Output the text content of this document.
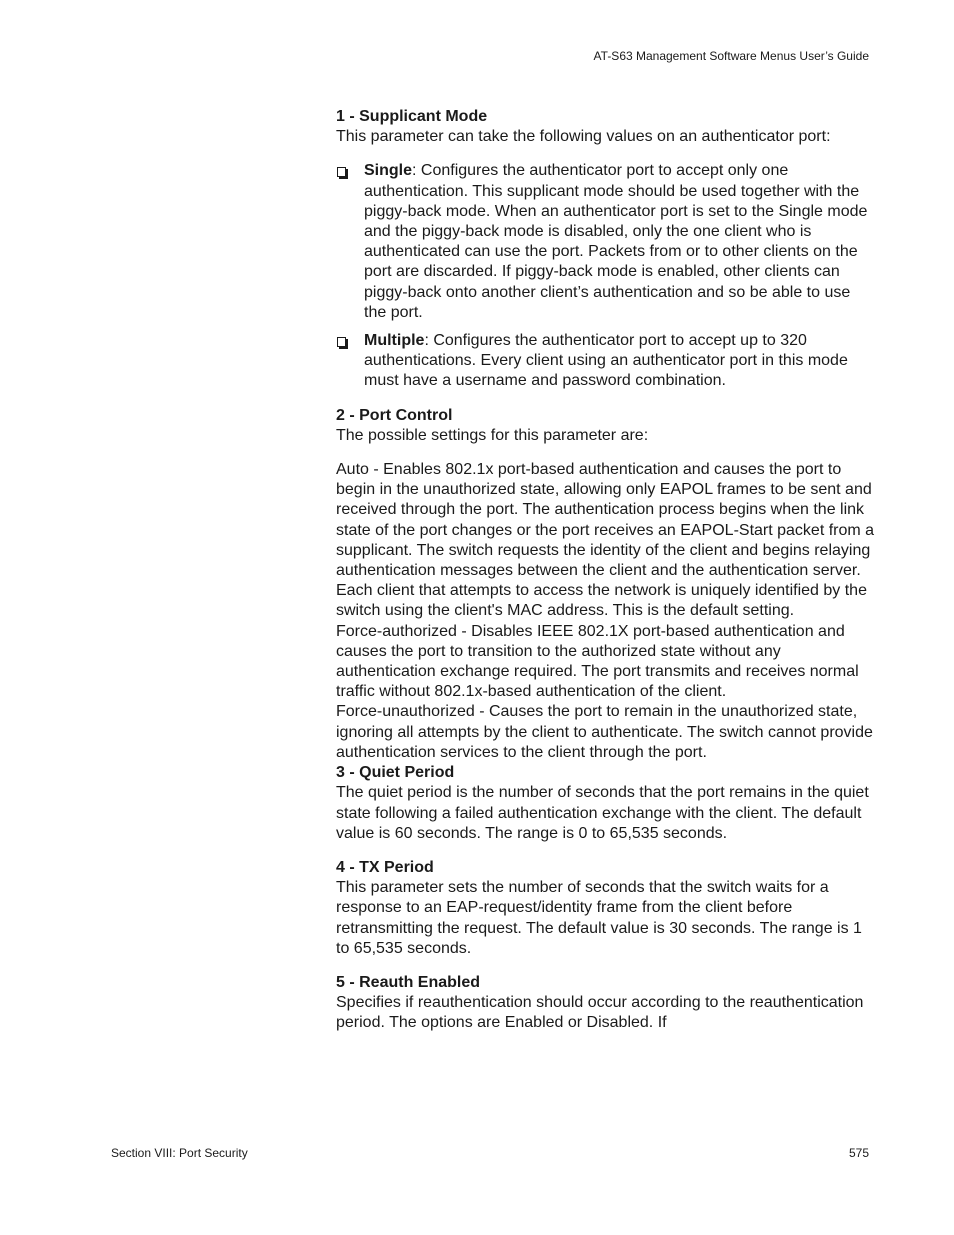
AT-S63 Management Software Menus User’s Guide

1 - Supplicant Mode

This parameter can take the following values on an authenticator port:

Single: Configures the authenticator port to accept only one authentication. This supplicant mode should be used together with the piggy-back mode. When an authenticator port is set to the Single mode and the piggy-back mode is disabled, only the one client who is authenticated can use the port. Packets from or to other clients on the port are discarded. If piggy-back mode is enabled, other clients can piggy-back onto another client’s authentication and so be able to use the port.
Multiple: Configures the authenticator port to accept up to 320 authentications. Every client using an authenticator port in this mode must have a username and password combination.

2 - Port Control

The possible settings for this parameter are:

Auto - Enables 802.1x port-based authentication and causes the port to begin in the unauthorized state, allowing only EAPOL frames to be sent and received through the port. The authentication process begins when the link state of the port changes or the port receives an EAPOL-Start packet from a supplicant. The switch requests the identity of the client and begins relaying authentication messages between the client and the authentication server. Each client that attempts to access the network is uniquely identified by the switch using the client's MAC address. This is the default setting.

Force-authorized - Disables IEEE 802.1X port-based authentication and causes the port to transition to the authorized state without any authentication exchange required. The port transmits and receives normal traffic without 802.1x-based authentication of the client.

Force-unauthorized - Causes the port to remain in the unauthorized state, ignoring all attempts by the client to authenticate. The switch cannot provide authentication services to the client through the port.

3 - Quiet Period

The quiet period is the number of seconds that the port remains in the quiet state following a failed authentication exchange with the client. The default value is 60 seconds. The range is 0 to 65,535 seconds.

4 - TX Period

This parameter sets the number of seconds that the switch waits for a response to an EAP-request/identity frame from the client before retransmitting the request. The default value is 30 seconds. The range is 1 to 65,535 seconds.

5 - Reauth Enabled

Specifies if reauthentication should occur according to the reauthentication period. The options are Enabled or Disabled. If

Section VIII: Port Security	575
